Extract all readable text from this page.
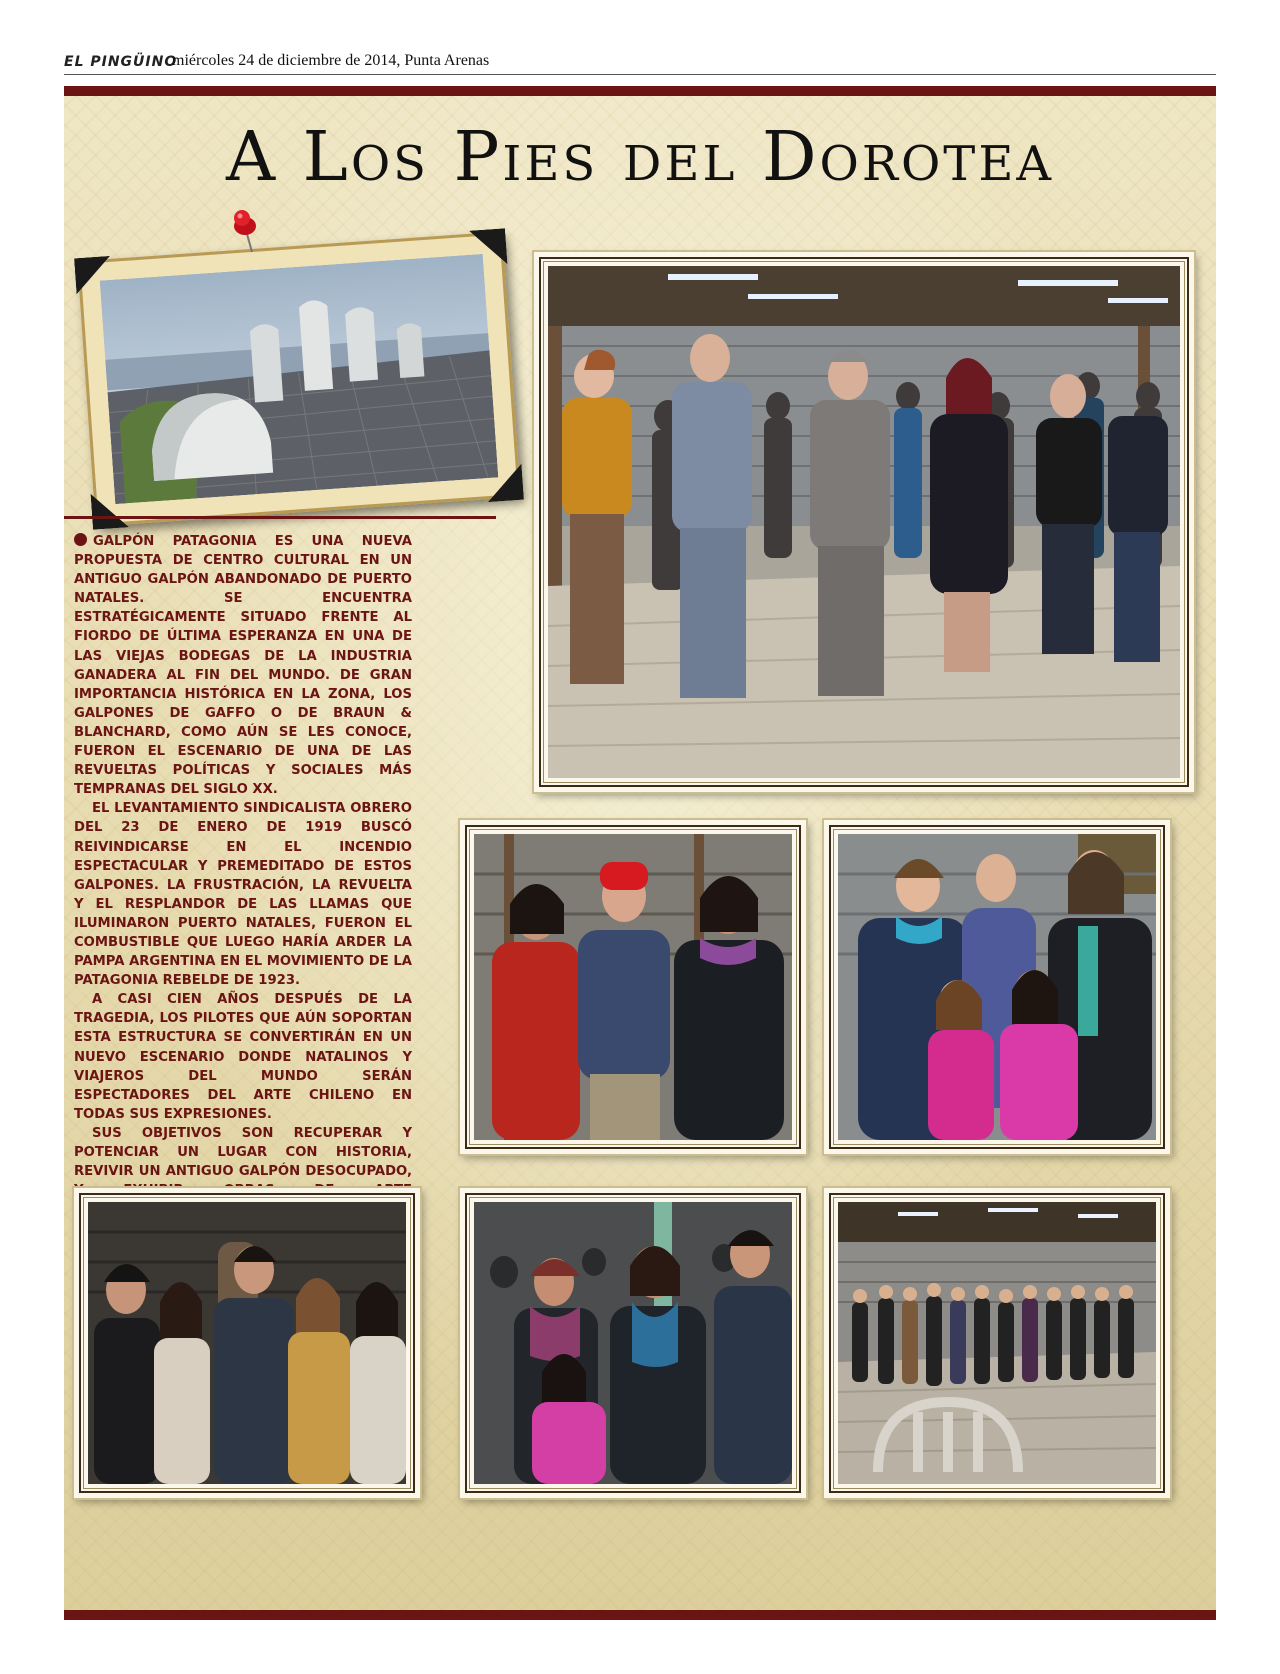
EL PINGÜINO
miércoles 24 de diciembre de 2014, Punta Arenas
A Los Pies del Dorotea

GALPÓN PATAGONIA ES UNA NUEVA PROPUESTA DE CENTRO CULTURAL EN UN ANTIGUO GALPÓN ABANDONADO DE PUERTO NATALES. SE ENCUENTRA ESTRATÉGICAMENTE SITUADO FRENTE AL FIORDO DE ÚLTIMA ESPERANZA EN UNA DE LAS VIEJAS BODEGAS DE LA INDUSTRIA GANADERA AL FIN DEL MUNDO. DE GRAN IMPORTANCIA HISTÓRICA EN LA ZONA, LOS GALPONES DE GAFFO O DE BRAUN & BLANCHARD, COMO AÚN SE LES CONOCE, FUERON EL ESCENARIO DE UNA DE LAS REVUELTAS POLÍTICAS Y SOCIALES MÁS TEMPRANAS DEL SIGLO XX.

EL LEVANTAMIENTO SINDICALISTA OBRERO DEL 23 DE ENERO DE 1919 BUSCÓ REIVINDICARSE EN EL INCENDIO ESPECTACULAR Y PREMEDITADO DE ESTOS GALPONES. LA FRUSTRACIÓN, LA REVUELTA Y EL RESPLANDOR DE LAS LLAMAS QUE ILUMINARON PUERTO NATALES, FUERON EL COMBUSTIBLE QUE LUEGO HARÍA ARDER LA PAMPA ARGENTINA EN EL MOVIMIENTO DE LA PATAGONIA REBELDE DE 1923.

A CASI CIEN AÑOS DESPUÉS DE LA TRAGEDIA, LOS PILOTES QUE AÚN SOPORTAN ESTA ESTRUCTURA SE CONVERTIRÁN EN UN NUEVO ESCENARIO DONDE NATALINOS Y VIAJEROS DEL MUNDO SERÁN ESPECTADORES DEL ARTE CHILENO EN TODAS SUS EXPRESIONES.

SUS OBJETIVOS SON RECUPERAR Y POTENCIAR UN LUGAR CON HISTORIA, REVIVIR UN ANTIGUO GALPÓN DESOCUPADO,
